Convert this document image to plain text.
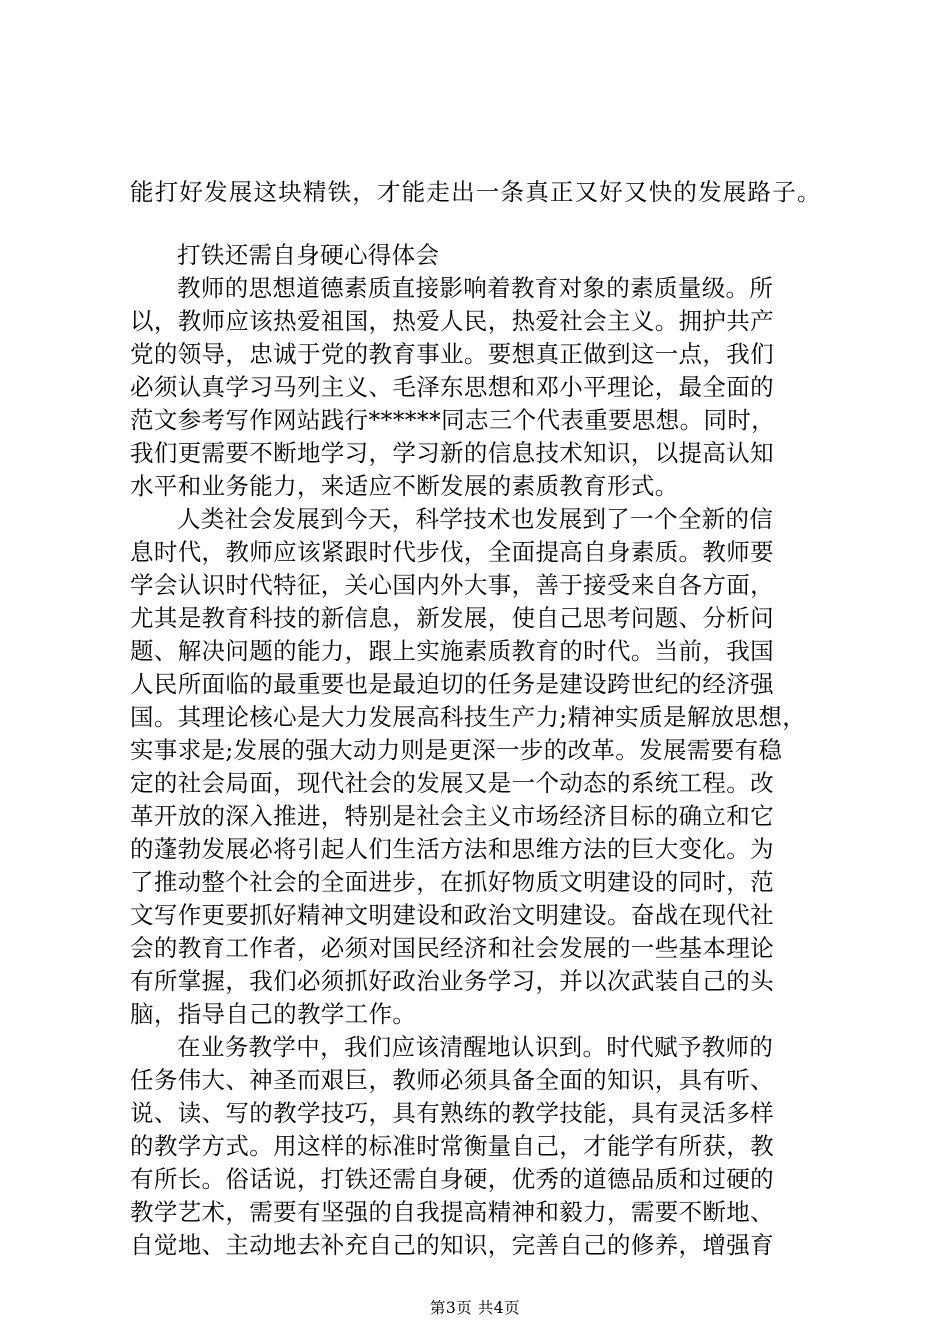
能打好发展这块精铁，才能走出一条真正又好又快的发展路子。
打铁还需自身硬心得体会
教师的思想道德素质直接影响着教育对象的素质量级。所
以，教师应该热爱祖国，热爱人民，热爱社会主义。拥护共产
党的领导，忠诚于党的教育事业。要想真正做到这一点，我们
必须认真学习马列主义、毛泽东思想和邓小平理论，最全面的
范文参考写作网站践行******同志三个代表重要思想。同时，
我们更需要不断地学习，学习新的信息技术知识，以提高认知
水平和业务能力，来适应不断发展的素质教育形式。
人类社会发展到今天，科学技术也发展到了一个全新的信
息时代，教师应该紧跟时代步伐，全面提高自身素质。教师要
学会认识时代特征，关心国内外大事，善于接受来自各方面，
尤其是教育科技的新信息，新发展，使自己思考问题、分析问
题、解决问题的能力，跟上实施素质教育的时代。当前，我国
人民所面临的最重要也是最迫切的任务是建设跨世纪的经济强
国。其理论核心是大力发展高科技生产力;精神实质是解放思想，
实事求是;发展的强大动力则是更深一步的改革。发展需要有稳
定的社会局面，现代社会的发展又是一个动态的系统工程。改
革开放的深入推进，特别是社会主义市场经济目标的确立和它
的蓬勃发展必将引起人们生活方法和思维方法的巨大变化。为
了推动整个社会的全面进步，在抓好物质文明建设的同时，范
文写作更要抓好精神文明建设和政治文明建设。奋战在现代社
会的教育工作者，必须对国民经济和社会发展的一些基本理论
有所掌握，我们必须抓好政治业务学习，并以次武装自己的头
脑，指导自己的教学工作。
在业务教学中，我们应该清醒地认识到。时代赋予教师的
任务伟大、神圣而艰巨，教师必须具备全面的知识，具有听、
说、读、写的教学技巧，具有熟练的教学技能，具有灵活多样
的教学方式。用这样的标准时常衡量自己，才能学有所获，教
有所长。俗话说，打铁还需自身硬，优秀的道德品质和过硬的
教学艺术，需要有坚强的自我提高精神和毅力，需要不断地、
自觉地、主动地去补充自己的知识，完善自己的修养，增强育
第3页 共4页
